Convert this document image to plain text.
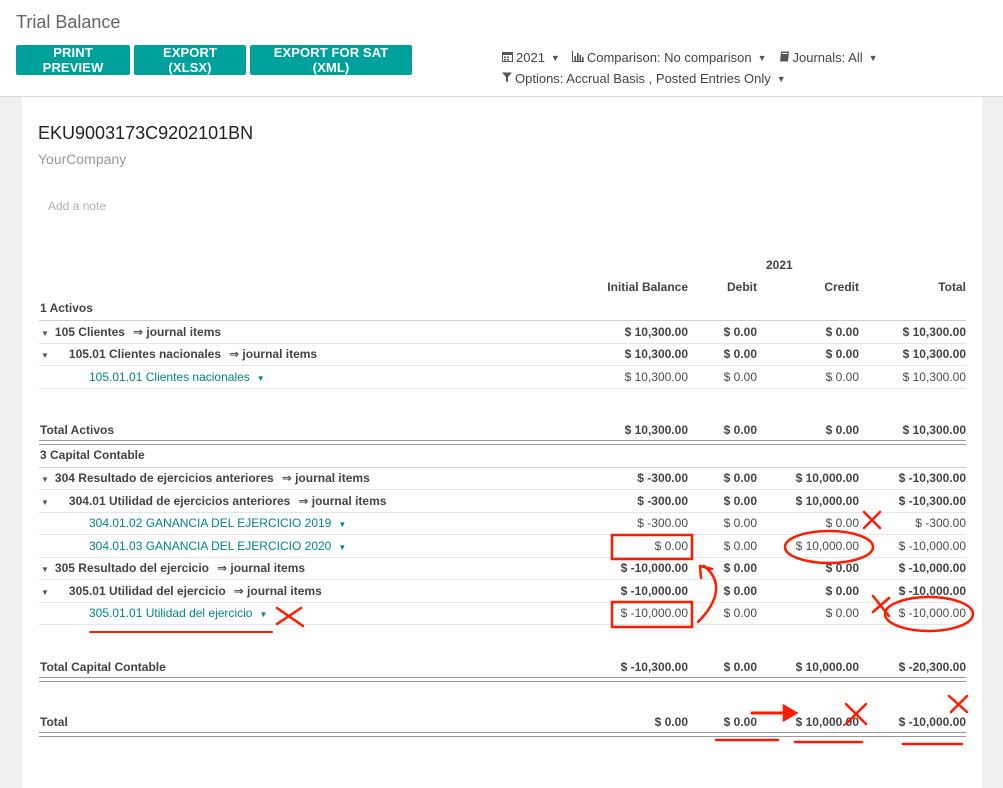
Trial Balance
PRINT PREVIEW
EXPORT (XLSX)
EXPORT FOR SAT (XML)
2021 ▼ Comparison: No comparison ▼ Journals: All ▼
Options: Accrual Basis , Posted Entries Only ▼
EKU9003173C9202101BN
YourCompany
Add a note
2021
Initial Balance	Debit	Credit	Total
1 Activos
▼ 105 Clientes ⇒ journal items	$ 10,300.00	$ 0.00	$ 0.00	$ 10,300.00
▼ 105.01 Clientes nacionales ⇒ journal items	$ 10,300.00	$ 0.00	$ 0.00	$ 10,300.00
105.01.01 Clientes nacionales ▼	$ 10,300.00	$ 0.00	$ 0.00	$ 10,300.00
Total Activos	$ 10,300.00	$ 0.00	$ 0.00	$ 10,300.00
3 Capital Contable
▼ 304 Resultado de ejercicios anteriores ⇒ journal items	$ -300.00	$ 0.00	$ 10,000.00	$ -10,300.00
▼ 304.01 Utilidad de ejercicios anteriores ⇒ journal items	$ -300.00	$ 0.00	$ 10,000.00	$ -10,300.00
304.01.02 GANANCIA DEL EJERCICIO 2019 ▼	$ -300.00	$ 0.00	$ 0.00	$ -300.00
304.01.03 GANANCIA DEL EJERCICIO 2020 ▼	$ 0.00	$ 0.00	$ 10,000.00	$ -10,000.00
▼ 305 Resultado del ejercicio ⇒ journal items	$ -10,000.00	$ 0.00	$ 0.00	$ -10,000.00
▼ 305.01 Utilidad del ejercicio ⇒ journal items	$ -10,000.00	$ 0.00	$ 0.00	$ -10,000.00
305.01.01 Utilidad del ejercicio ▼	$ -10,000.00	$ 0.00	$ 0.00	$ -10,000.00
Total Capital Contable	$ -10,300.00	$ 0.00	$ 10,000.00	$ -20,300.00
Total	$ 0.00	$ 0.00	$ 10,000.00	$ -10,000.00
